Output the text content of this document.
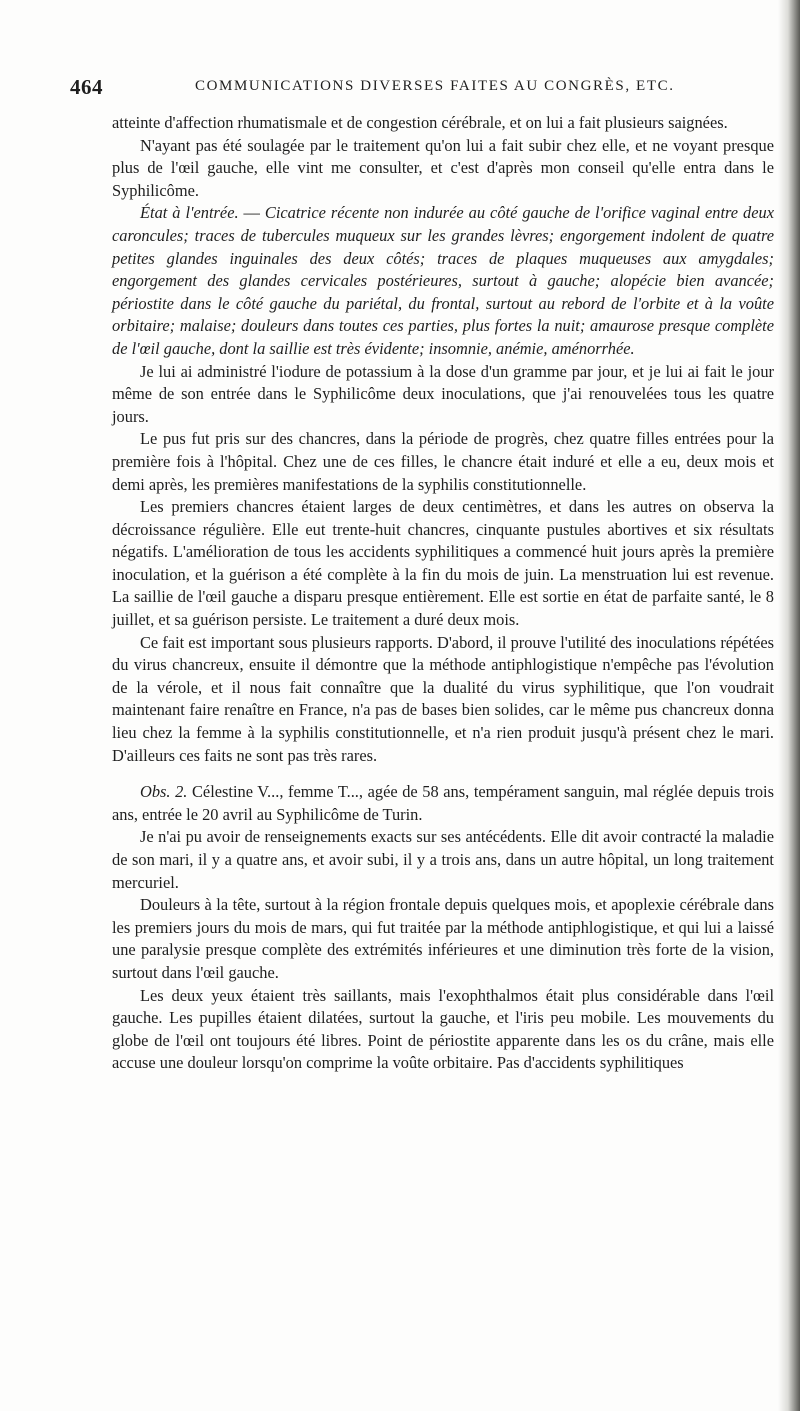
464	COMMUNICATIONS DIVERSES FAITES AU CONGRÈS, ETC.

atteinte d'affection rhumatismale et de congestion cérébrale, et on lui a fait plusieurs saignées.

N'ayant pas été soulagée par le traitement qu'on lui a fait subir chez elle, et ne voyant presque plus de l'œil gauche, elle vint me consulter, et c'est d'après mon conseil qu'elle entra dans le Syphilicôme.

État à l'entrée. — Cicatrice récente non indurée au côté gauche de l'orifice vaginal entre deux caroncules; traces de tubercules muqueux sur les grandes lèvres; engorgement indolent de quatre petites glandes inguinales des deux côtés; traces de plaques muqueuses aux amygdales; engorgement des glandes cervicales postérieures, surtout à gauche; alopécie bien avancée; périostite dans le côté gauche du pariétal, du frontal, surtout au rebord de l'orbite et à la voûte orbitaire; malaise; douleurs dans toutes ces parties, plus fortes la nuit; amaurose presque complète de l'œil gauche, dont la saillie est très évidente; insomnie, anémie, aménorrhée.

Je lui ai administré l'iodure de potassium à la dose d'un gramme par jour, et je lui ai fait le jour même de son entrée dans le Syphilicôme deux inoculations, que j'ai renouvelées tous les quatre jours.

Le pus fut pris sur des chancres, dans la période de progrès, chez quatre filles entrées pour la première fois à l'hôpital. Chez une de ces filles, le chancre était induré et elle a eu, deux mois et demi après, les premières manifestations de la syphilis constitutionnelle.

Les premiers chancres étaient larges de deux centimètres, et dans les autres on observa la décroissance régulière. Elle eut trente-huit chancres, cinquante pustules abortives et six résultats négatifs. L'amélioration de tous les accidents syphilitiques a commencé huit jours après la première inoculation, et la guérison a été complète à la fin du mois de juin. La menstruation lui est revenue. La saillie de l'œil gauche a disparu presque entièrement. Elle est sortie en état de parfaite santé, le 8 juillet, et sa guérison persiste. Le traitement a duré deux mois.

Ce fait est important sous plusieurs rapports. D'abord, il prouve l'utilité des inoculations répétées du virus chancreux, ensuite il démontre que la méthode antiphlogistique n'empêche pas l'évolution de la vérole, et il nous fait connaître que la dualité du virus syphilitique, que l'on voudrait maintenant faire renaître en France, n'a pas de bases bien solides, car le même pus chancreux donna lieu chez la femme à la syphilis constitutionnelle, et n'a rien produit jusqu'à présent chez le mari. D'ailleurs ces faits ne sont pas très rares.

Obs. 2. Célestine V..., femme T..., agée de 58 ans, tempérament sanguin, mal réglée depuis trois ans, entrée le 20 avril au Syphilicôme de Turin.

Je n'ai pu avoir de renseignements exacts sur ses antécédents. Elle dit avoir contracté la maladie de son mari, il y a quatre ans, et avoir subi, il y a trois ans, dans un autre hôpital, un long traitement mercuriel.

Douleurs à la tête, surtout à la région frontale depuis quelques mois, et apoplexie cérébrale dans les premiers jours du mois de mars, qui fut traitée par la méthode antiphlogistique, et qui lui a laissé une paralysie presque complète des extrémités inférieures et une diminution très forte de la vision, surtout dans l'œil gauche.

Les deux yeux étaient très saillants, mais l'exophthalmos était plus considérable dans l'œil gauche. Les pupilles étaient dilatées, surtout la gauche, et l'iris peu mobile. Les mouvements du globe de l'œil ont toujours été libres. Point de périostite apparente dans les os du crâne, mais elle accuse une douleur lorsqu'on comprime la voûte orbitaire. Pas d'accidents syphilitiques
